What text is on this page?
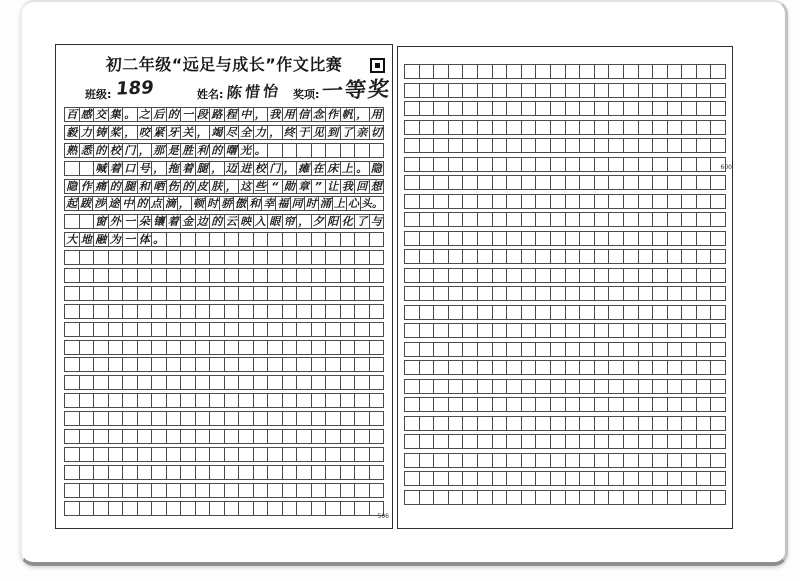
初二年级“远足与成长”作文比赛
班级: 189	姓名: 陈惜怡 奖项: 一等奖
百 感 交 集 。 之 后 的 一 段 路 程 中 ， 我 用 信 念 作 帆 ， 用
毅 力 铸 桨 ， 咬 紧 牙 关 ， 竭 尽 全 力 ， 终 于 见 到 了 亲 切
熟 悉 的 校 门 ， 那 是 胜 利 的 曙 光 。

喊 着 口 号 ， 拖 着 腿 ， 迈 进 校 门 ， 瘫 在 床 上 。 隐
隐 作 痛 的 腿 和 晒 伤 的 皮 肤 ， 这 些 “ 勋 章 ” 让 我 回 想
起 跋 涉 途 中 的 点 滴 ， 顿 时 骄 傲 和 幸 福 同 时 涌 上 心 头。

窗 外 一 朵 镶 着 金 边 的 云 映 入 眼 帘 ， 夕 阳 化 了 与
大 地 融 为 一 体 。
506
600
